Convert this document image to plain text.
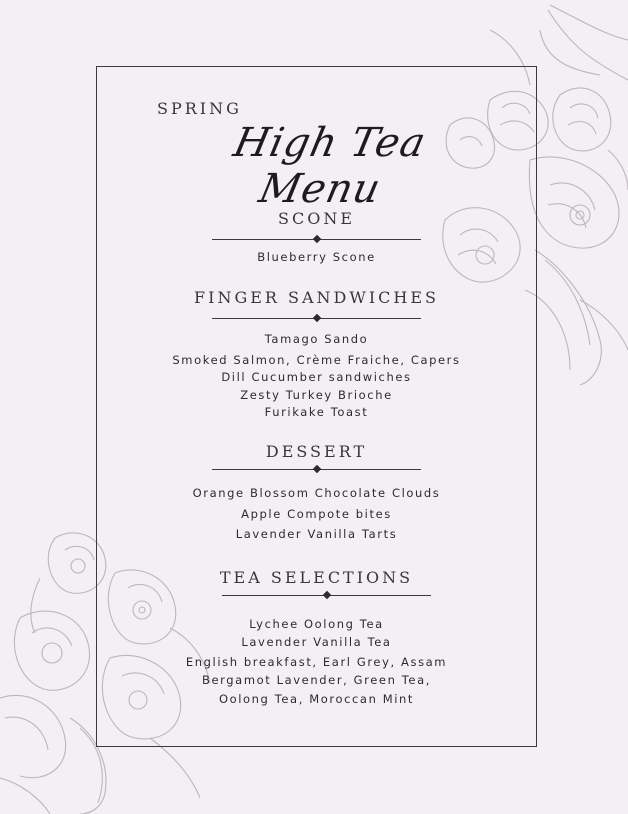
SPRING
High Tea Menu
SCONE
Blueberry Scone
FINGER SANDWICHES
Tamago Sando
Smoked Salmon, Crème Fraiche, Capers
Dill Cucumber sandwiches
Zesty Turkey Brioche
Furikake Toast
DESSERT
Orange Blossom Chocolate Clouds
Apple Compote bites
Lavender Vanilla Tarts
TEA SELECTIONS
Lychee Oolong Tea
Lavender Vanilla Tea
English breakfast, Earl Grey, Assam
Bergamot Lavender, Green Tea,
Oolong Tea, Moroccan Mint
